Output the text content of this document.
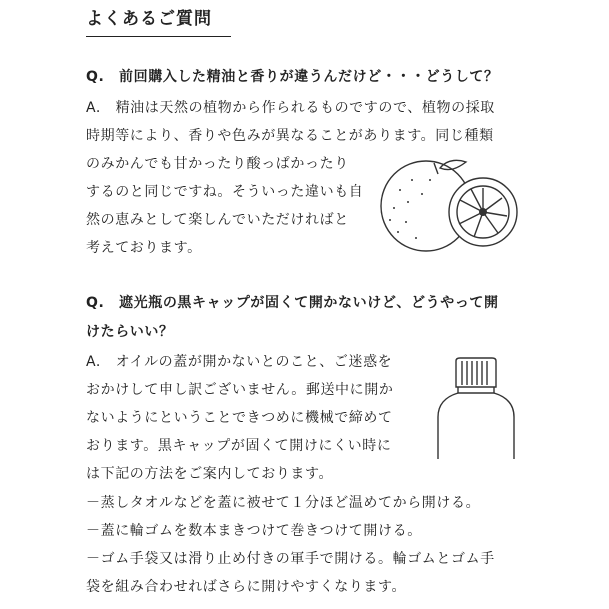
よくあるご質問
Q.　前回購入した精油と香りが違うんだけど・・・どうして？
A.　精油は天然の植物から作られるものですので、植物の採取
時期等により、香りや色みが異なることがあります。同じ種類
のみかんでも甘かったり酸っぱかったり
するのと同じですね。そういった違いも自
然の恵みとして楽しんでいただければと
考えております。
Q.　遮光瓶の黒キャップが固くて開かないけど、どうやって開
けたらいい？
A.　オイルの蓋が開かないとのこと、ご迷惑を
おかけして申し訳ございません。郵送中に開か
ないようにということできつめに機械で締めて
おります。黒キャップが固くて開けにくい時に
は下記の方法をご案内しております。
－蒸しタオルなどを蓋に被せて１分ほど温めてから開ける。
－蓋に輪ゴムを数本まきつけて巻きつけて開ける。
－ゴム手袋又は滑り止め付きの軍手で開ける。輪ゴムとゴム手
袋を組み合わせればさらに開けやすくなります。
